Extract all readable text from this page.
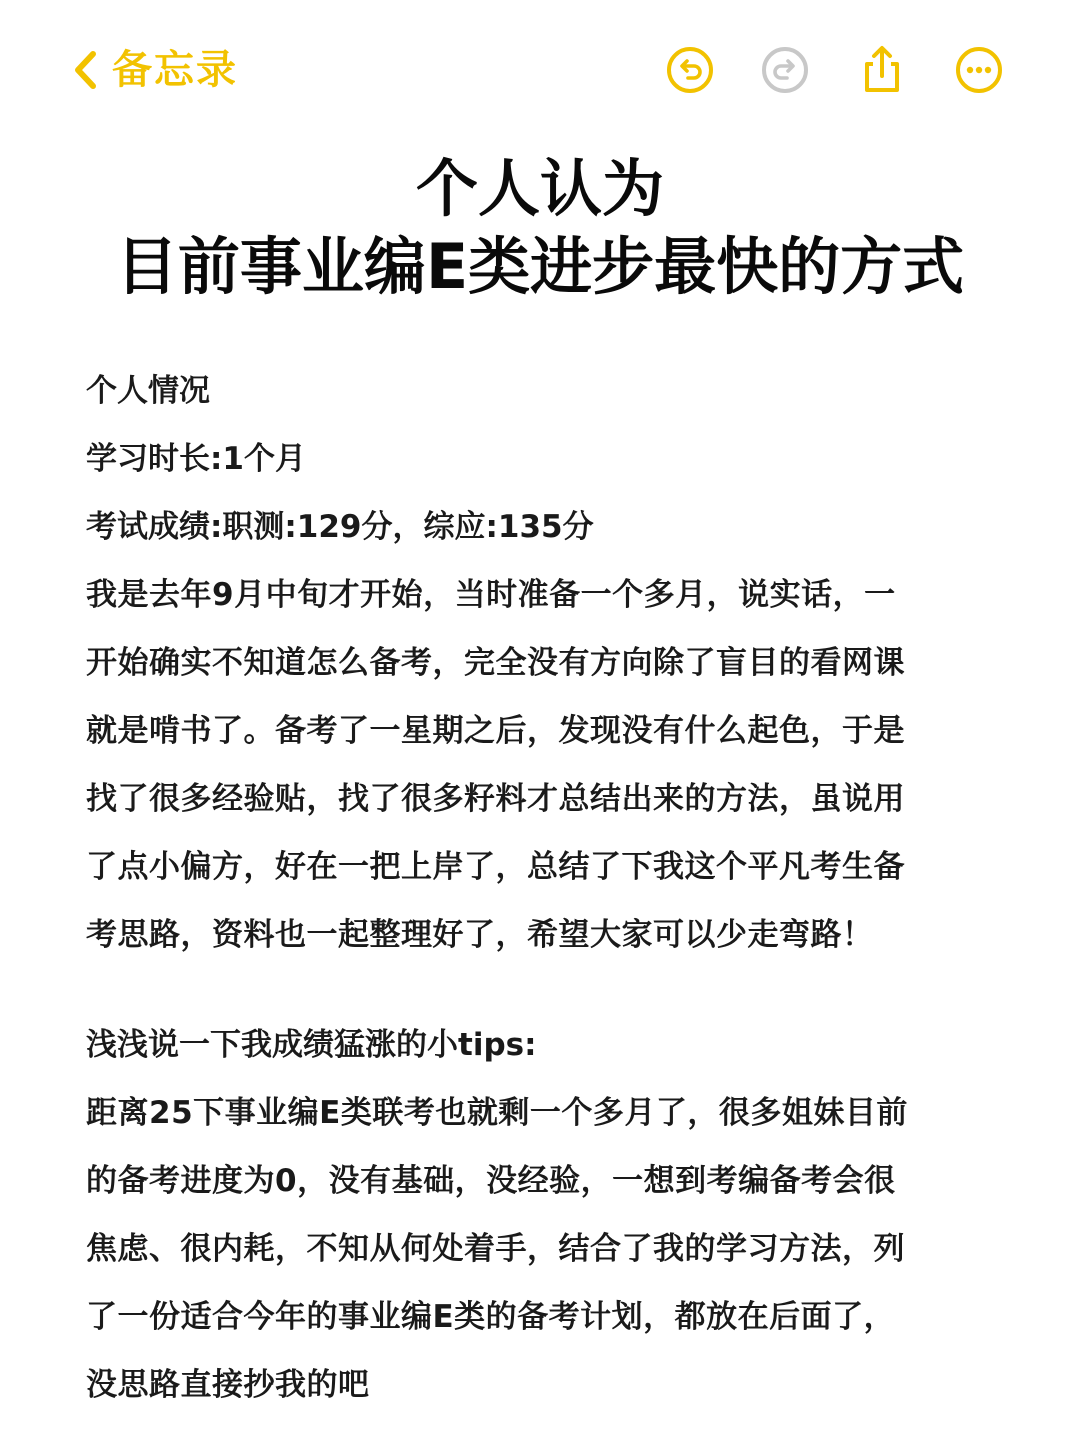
备忘录
个人认为
目前事业编E类进步最快的方式
个人情况
学习时长:1个月
考试成绩:职测:129分，综应:135分
我是去年9月中旬才开始，当时准备一个多月，说实话，一
开始确实不知道怎么备考，完全没有方向除了盲目的看网课
就是啃书了。备考了一星期之后，发现没有什么起色，于是
找了很多经验贴，找了很多籽料才总结出来的方法，虽说用
了点小偏方，好在一把上岸了，总结了下我这个平凡考生备
考思路，资料也一起整理好了，希望大家可以少走弯路！
浅浅说一下我成绩猛涨的小tips:
距离25下事业编E类联考也就剩一个多月了，很多姐妹目前
的备考进度为0，没有基础，没经验，一想到考编备考会很
焦虑、很内耗，不知从何处着手，结合了我的学习方法，列
了一份适合今年的事业编E类的备考计划，都放在后面了，
没思路直接抄我的吧
